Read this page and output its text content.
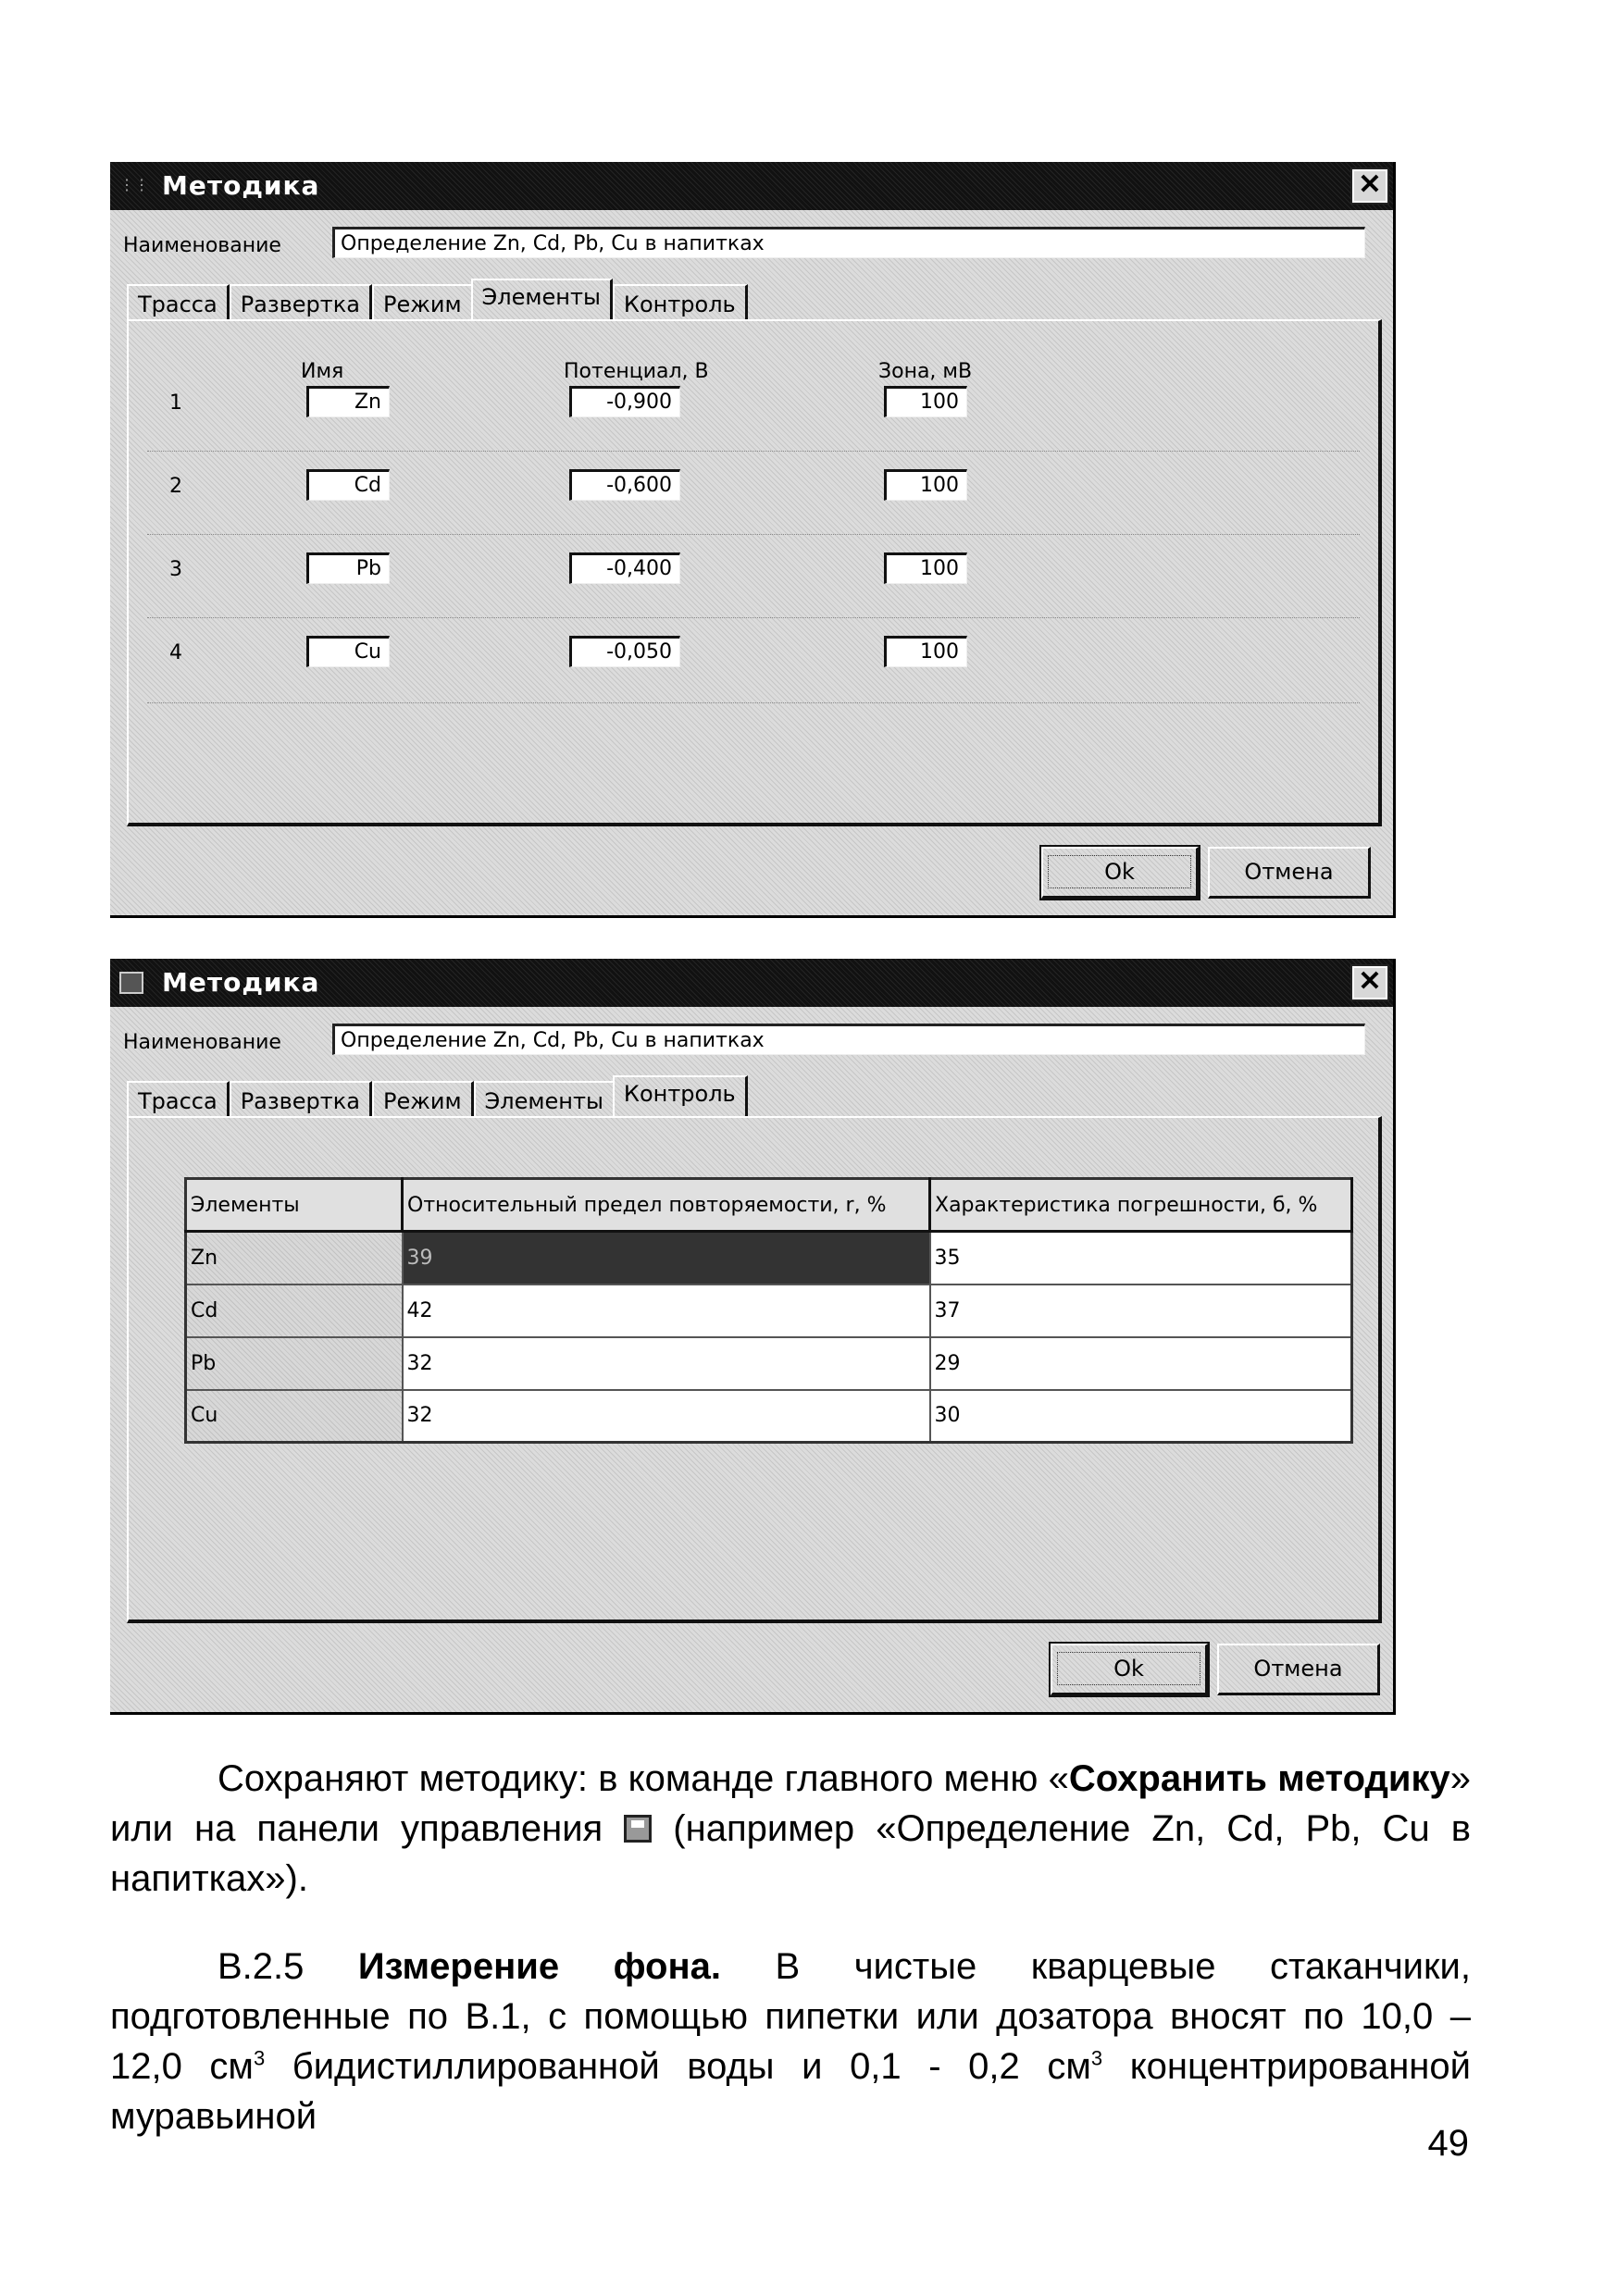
⋮⋮ Методика	✕
Наименование	Определение Zn, Cd, Pb, Cu в напитках
Трасса	Развертка	Режим Элементы	Контроль
Имя	Потенциал, В	Зона, мВ
1	Zn	-0,900	100
2	Cd	-0,600	100
3	Pb	-0,400	100
4	Cu	-0,050	100
Ok	Отмена
Методика	✕
Наименование	Определение Zn, Cd, Pb, Cu в напитках
Трасса	Развертка	Режим	Элементы Контроль
Элементы	Относительный предел повторяемости, r, %	Характеристика погрешности, б, %
Zn	39	35
Cd	42	37
Pb	32	29
Cu	32	30
Ok	Отмена

Сохраняют методику: в команде главного меню «Сохранить методику» или на панели управления (например «Определение Zn, Cd, Pb, Cu в напитках»).

В.2.5 Измерение фона. В чистые кварцевые стаканчики, подготовленные по В.1, с помощью пипетки или дозатора вносят по 10,0 – 12,0 $см^3$ бидистиллированной воды и 0,1 - 0,2 $см^3$ концентрированной муравьиной

49
